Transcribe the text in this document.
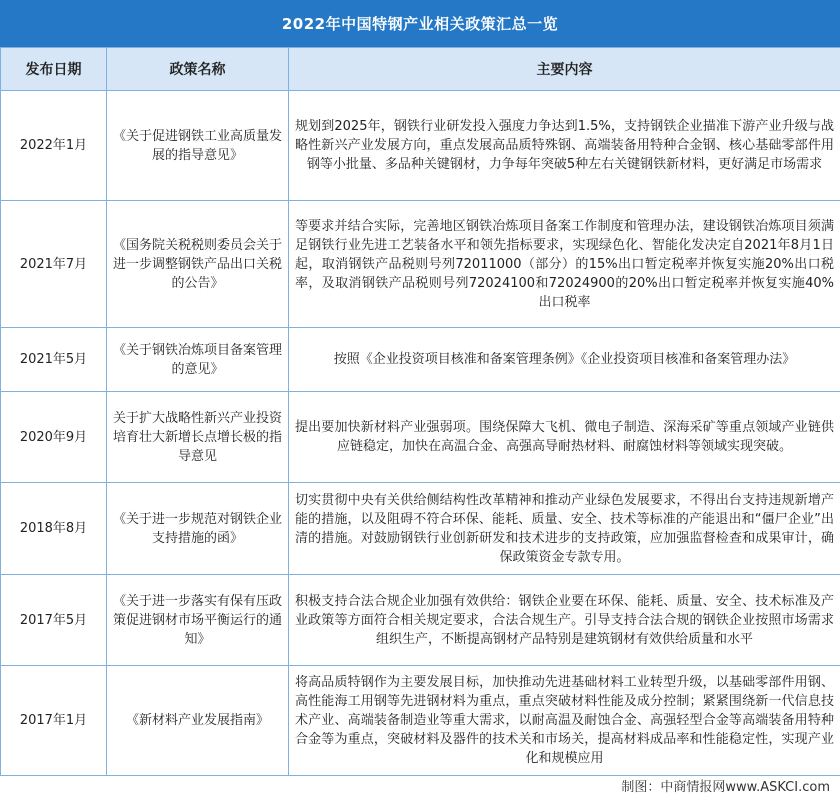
2022年中国特钢产业相关政策汇总一览
发布日期	政策名称	主要内容
2022年1月	《关于促进钢铁工业高质量发展的指导意见》	规划到2025年，钢铁行业研发投入强度力争达到1.5%，支持钢铁企业描准下游产业升级与战略性新兴产业发展方向，重点发展高品质特殊钢、高端装备用特种合金钢、核心基础零部件用钢等小批量、多品种关键钢材，力争每年突破5种左右关键钢铁新材料，更好满足市场需求
2021年7月	《国务院关税税则委员会关于进一步调整钢铁产品出口关税的公告》	等要求并结合实际，完善地区钢铁冶炼项目备案工作制度和管理办法，建设钢铁冶炼项目须满足钢铁行业先进工艺装备水平和领先指标要求，实现绿色化、智能化发决定自2021年8月1日起，取消钢铁产品税则号列72011000（部分）的15%出口暂定税率并恢复实施20%出口税率，及取消钢铁产品税则号列72024100和72024900的20%出口暂定税率并恢复实施40%出口税率
2021年5月	《关于钢铁冶炼项目备案管理的意见》	按照《企业投资项目核准和备案管理条例》《企业投资项目核准和备案管理办法》
2020年9月	关于扩大战略性新兴产业投资培育壮大新增长点增长极的指导意见	提出要加快新材料产业强弱项。围绕保障大飞机、微电子制造、深海采矿等重点领域产业链供应链稳定，加快在高温合金、高强高导耐热材料、耐腐蚀材料等领域实现突破。
2018年8月	《关于进一步规范对钢铁企业支持措施的函》	切实贯彻中央有关供给侧结构性改革精神和推动产业绿色发展要求，不得出台支持违规新增产能的措施，以及阻碍不符合环保、能耗、质量、安全、技术等标准的产能退出和“僵尸企业”出清的措施。对鼓励钢铁行业创新研发和技术进步的支持政策，应加强监督检查和成果审计，确保政策资金专款专用。
2017年5月	《关于进一步落实有保有压政策促进钢材市场平衡运行的通知》	积极支持合法合规企业加强有效供给：钢铁企业要在环保、能耗、质量、安全、技术标准及产业政策等方面符合相关规定要求，合法合规生产。引导支持合法合规的钢铁企业按照市场需求组织生产，不断提高钢材产品特别是建筑钢材有效供给质量和水平
2017年1月	《新材料产业发展指南》	将高品质特钢作为主要发展目标，加快推动先进基础材料工业转型升级，以基础零部件用钢、高性能海工用钢等先进钢材料为重点，重点突破材料性能及成分控制；紧紧围绕新一代信息技术产业、高端装备制造业等重大需求，以耐高温及耐蚀合金、高强轻型合金等高端装备用特种合金等为重点，突破材料及器件的技术关和市场关，提高材料成品率和性能稳定性，实现产业化和规模应用
制图：中商情报网www.ASKCI.com
